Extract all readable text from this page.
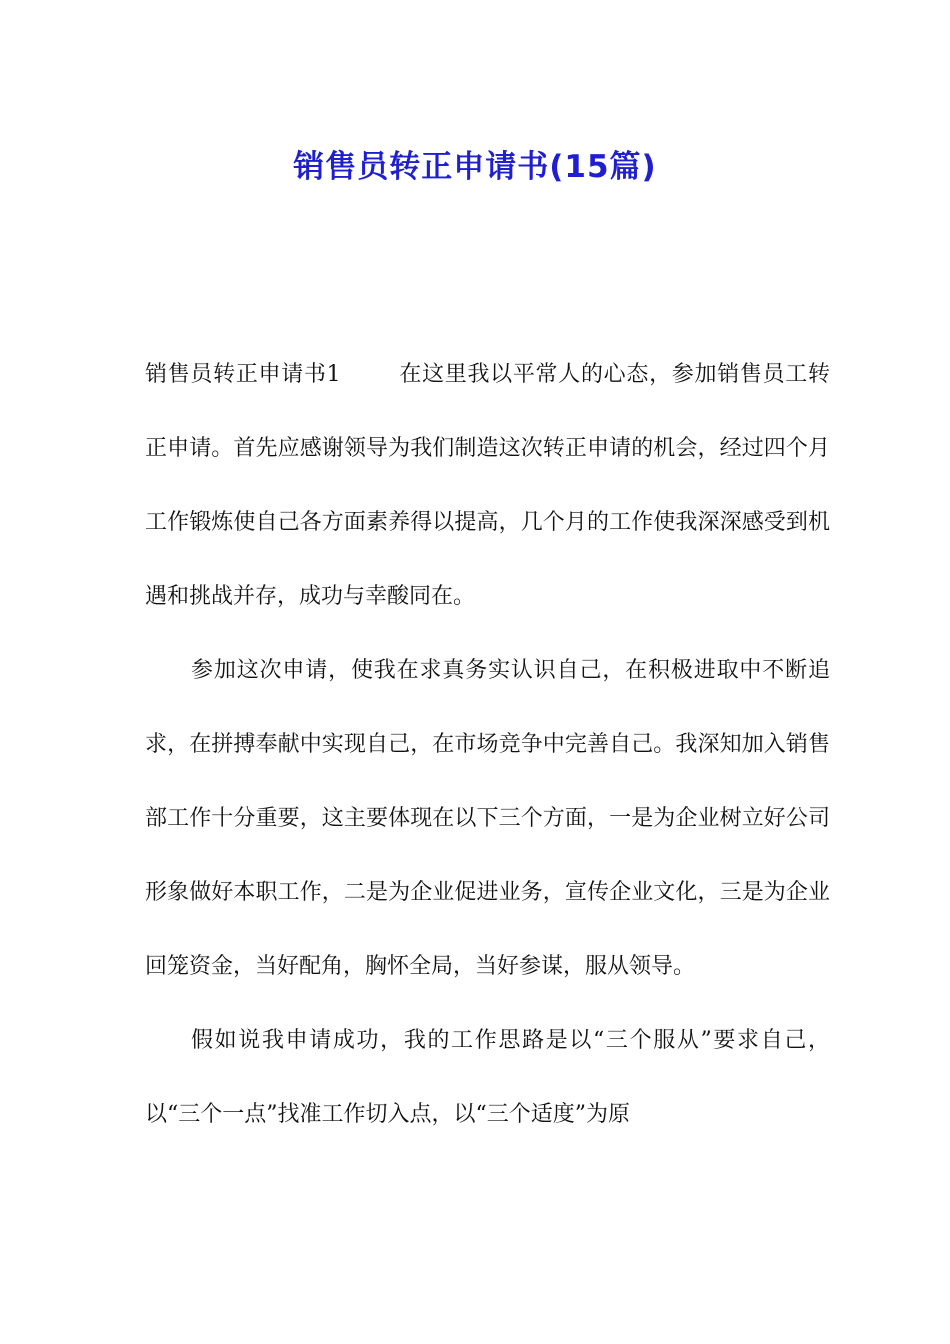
销售员转正申请书(15篇)

销售员转正申请书1	在这里我以平常人的心态，参加销售员工转正申请。首先应感谢领导为我们制造这次转正申请的机会，经过四个月工作锻炼使自己各方面素养得以提高，几个月的工作使我深深感受到机遇和挑战并存，成功与幸酸同在。

参加这次申请，使我在求真务实认识自己，在积极进取中不断追求，在拼搏奉献中实现自己，在市场竞争中完善自己。我深知加入销售部工作十分重要，这主要体现在以下三个方面，一是为企业树立好公司形象做好本职工作，二是为企业促进业务，宣传企业文化，三是为企业回笼资金，当好配角，胸怀全局，当好参谋，服从领导。

假如说我申请成功，我的工作思路是以“三个服从”要求自己，以“三个一点”找准工作切入点，以“三个适度”为原
